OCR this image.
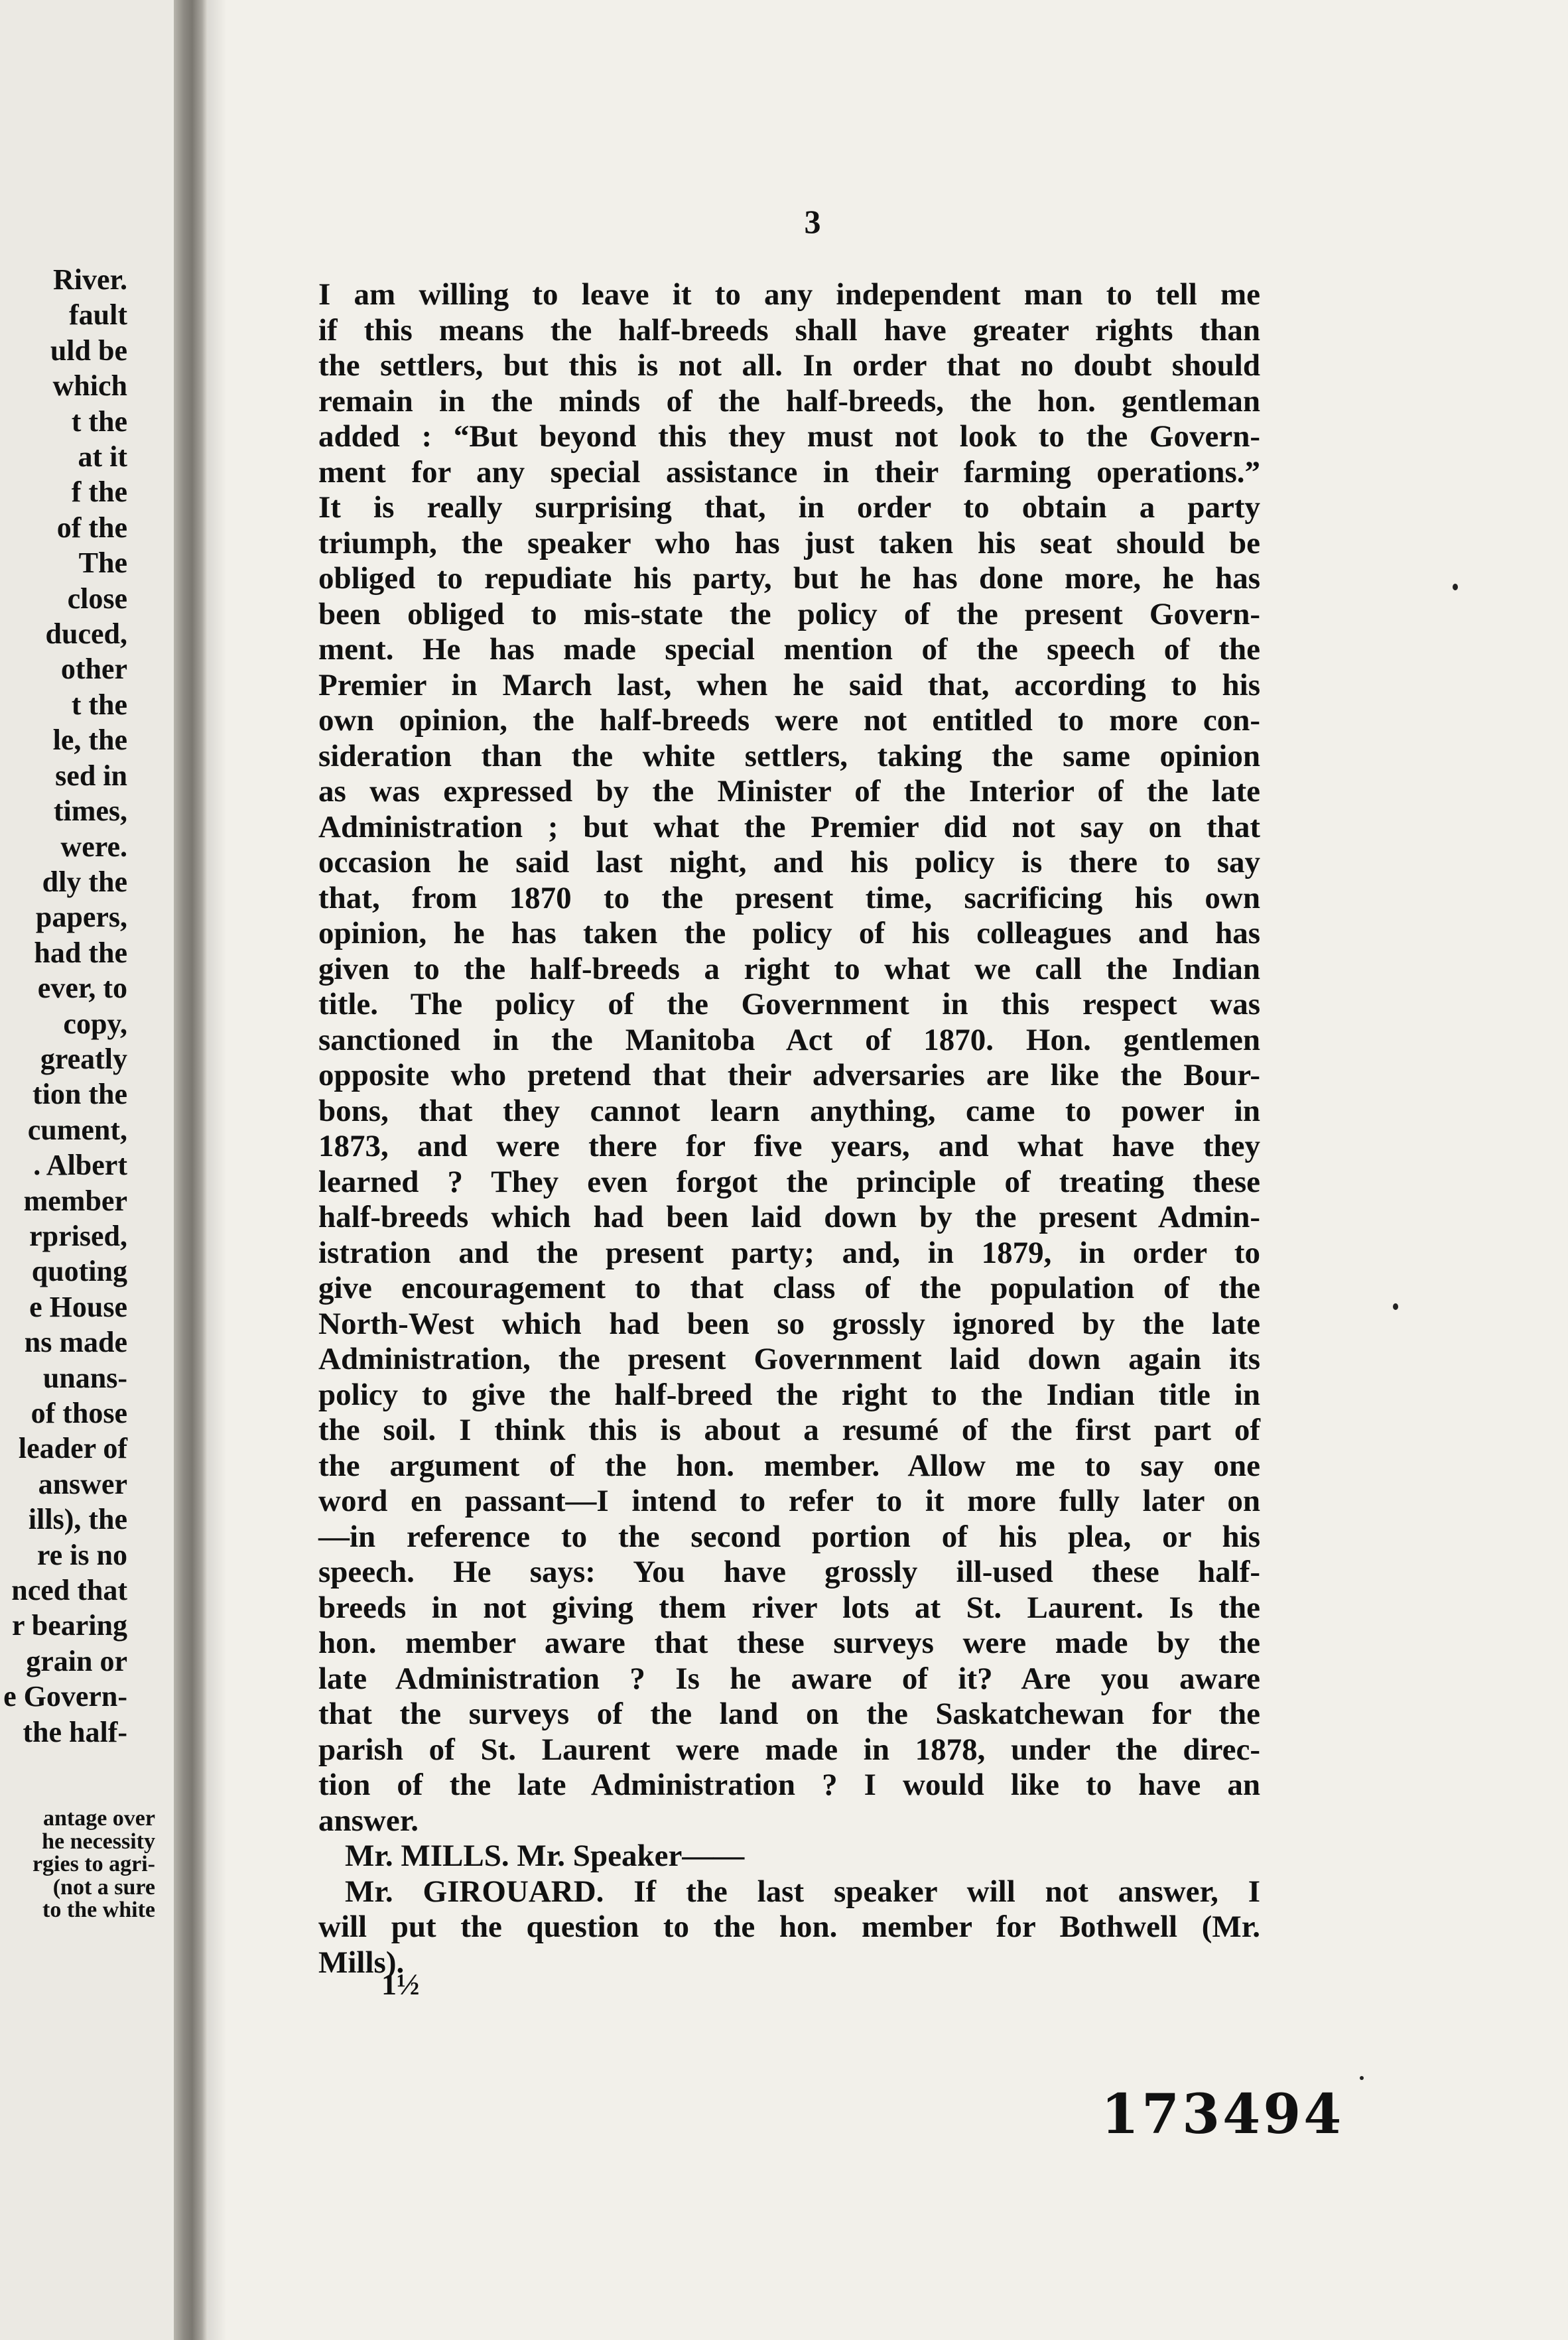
River.
fault
uld be
which
t the
at it
f the
of the
The
close
duced,
other
t the
le, the
sed in
times,
were.
dly the
papers,
had the
ever, to
copy,
greatly
tion the
cument,
. Albert
member
rprised,
quoting
e House
ns made
unans-
of those
leader of
answer
ills), the
re is no
nced that
r bearing
grain or
e Govern-
the half-
antage over
he necessity
rgies to agri-
(not a sure
to the white
3
I am willing to leave it to any independent man to tell me
if this means the half-breeds shall have greater rights than
the settlers, but this is not all. In order that no doubt should
remain in the minds of the half-breeds, the hon. gentleman
added : “But beyond this they must not look to the Govern-
ment for any special assistance in their farming operations.”
It is really surprising that, in order to obtain a party
triumph, the speaker who has just taken his seat should be
obliged to repudiate his party, but he has done more, he has
been obliged to mis-state the policy of the present Govern-
ment. He has made special mention of the speech of the
Premier in March last, when he said that, according to his
own opinion, the half-breeds were not entitled to more con-
sideration than the white settlers, taking the same opinion
as was expressed by the Minister of the Interior of the late
Administration ; but what the Premier did not say on that
occasion he said last night, and his policy is there to say
that, from 1870 to the present time, sacrificing his own
opinion, he has taken the policy of his colleagues and has
given to the half-breeds a right to what we call the Indian
title. The policy of the Government in this respect was
sanctioned in the Manitoba Act of 1870. Hon. gentlemen
opposite who pretend that their adversaries are like the Bour-
bons, that they cannot learn anything, came to power in
1873, and were there for five years, and what have they
learned ? They even forgot the principle of treating these
half-breeds which had been laid down by the present Admin-
istration and the present party; and, in 1879, in order to
give encouragement to that class of the population of the
North-West which had been so grossly ignored by the late
Administration, the present Government laid down again its
policy to give the half-breed the right to the Indian title in
the soil. I think this is about a resumé of the first part of
the argument of the hon. member. Allow me to say one
word en passant—I intend to refer to it more fully later on
—in reference to the second portion of his plea, or his
speech. He says: You have grossly ill-used these half-
breeds in not giving them river lots at St. Laurent. Is the
hon. member aware that these surveys were made by the
late Administration ? Is he aware of it? Are you aware
that the surveys of the land on the Saskatchewan for the
parish of St. Laurent were made in 1878, under the direc-
tion of the late Administration ? I would like to have an
answer.
Mr. MILLS. Mr. Speaker——
Mr. GIROUARD. If the last speaker will not answer, I
will put the question to the hon. member for Bothwell (Mr.
Mills).
1½
173494
